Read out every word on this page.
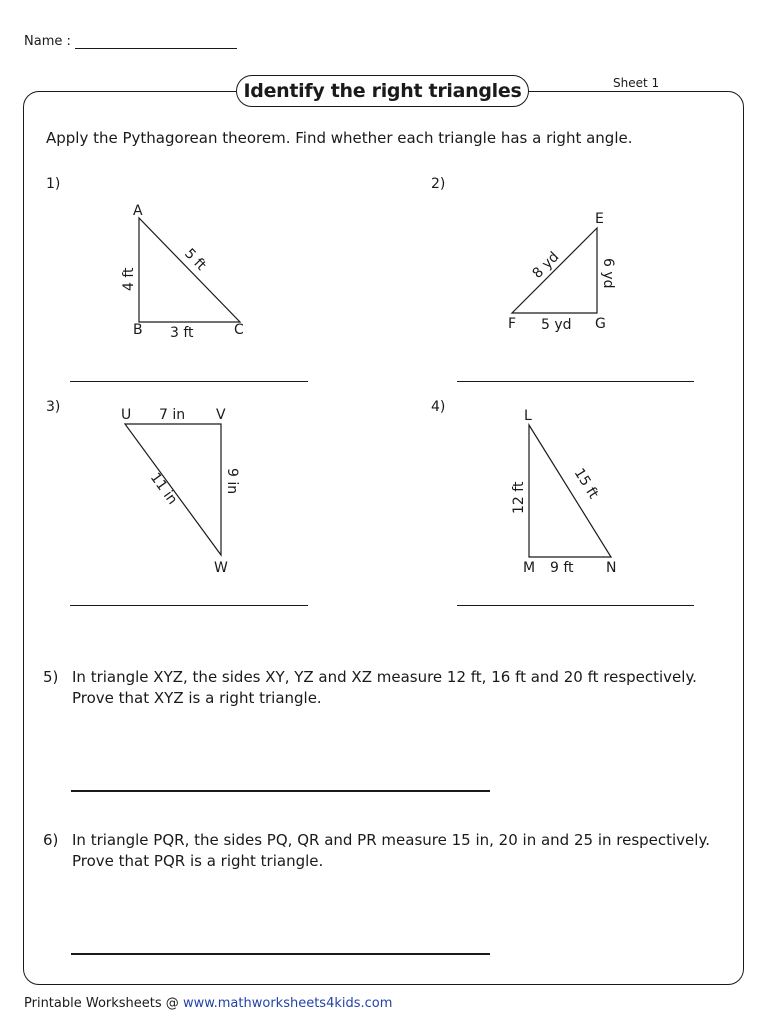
Name :
Sheet 1
Identify the right triangles
Apply the Pythagorean theorem. Find whether each triangle has a right angle.
1)
A
B	C
4 ft
3 ft
5 ft
E
F	G
6 yd
5 yd
8 yd
U	V
W
7 in
9 in
11 in
L
M	N
12 ft
9 ft
15 ft
2)
3)	4)
5) In triangle XYZ, the sides XY, YZ and XZ measure 12 ft, 16 ft and 20 ft respectively.
Prove that XYZ is a right triangle.
6) In triangle PQR, the sides PQ, QR and PR measure 15 in, 20 in and 25 in respectively.
Prove that PQR is a right triangle.
Printable Worksheets @ www.mathworksheets4kids.com
